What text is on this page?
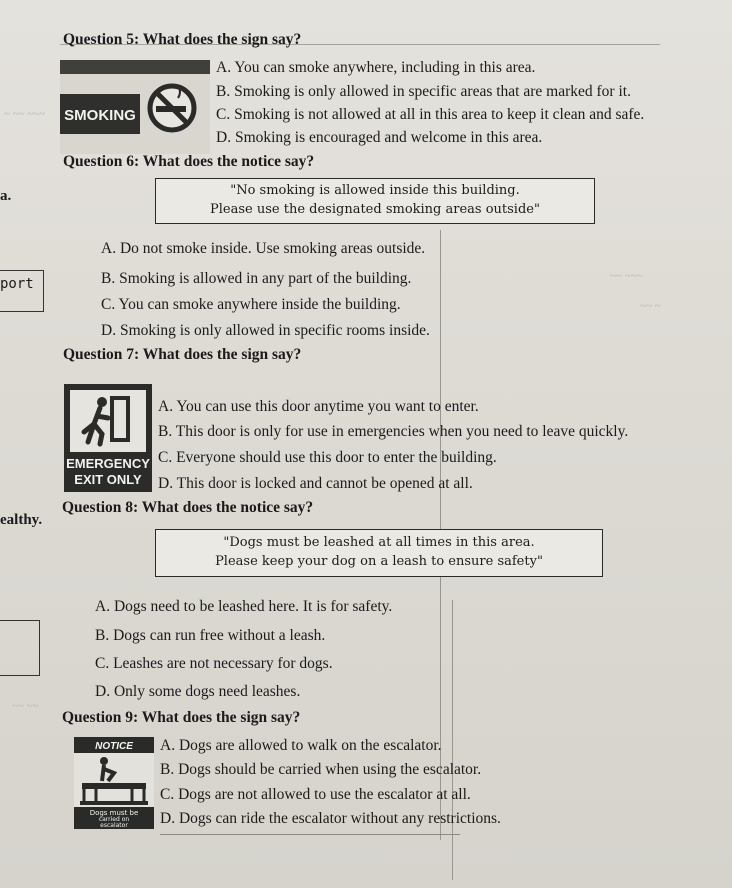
~ ~~ ~~~
~~ ~~~
~~ ~
~~ ~~
a.
port
ealthy.
Question 5: What does the sign say?
SMOKING
A. You can smoke anywhere, including in this area.
B. Smoking is only allowed in specific areas that are marked for it.
C. Smoking is not allowed at all in this area to keep it clean and safe.
D. Smoking is encouraged and welcome in this area.
Question 6: What does the notice say?
"No smoking is allowed inside this building.
Please use the designated smoking areas outside"
A. Do not smoke inside. Use smoking areas outside.
B. Smoking is allowed in any part of the building.
C. You can smoke anywhere inside the building.
D. Smoking is only allowed in specific rooms inside.
Question 7: What does the sign say?
EMERGENCY
EXIT ONLY
A. You can use this door anytime you want to enter.
B. This door is only for use in emergencies when you need to leave quickly.
C. Everyone should use this door to enter the building.
D. This door is locked and cannot be opened at all.
Question 8: What does the notice say?
"Dogs must be leashed at all times in this area.
Please keep your dog on a leash to ensure safety"
A. Dogs need to be leashed here. It is for safety.
B. Dogs can run free without a leash.
C. Leashes are not necessary for dogs.
D. Only some dogs need leashes.
Question 9: What does the sign say?
NOTICE
Dogs must be
carried on
escalator
A. Dogs are allowed to walk on the escalator.
B. Dogs should be carried when using the escalator.
C. Dogs are not allowed to use the escalator at all.
D. Dogs can ride the escalator without any restrictions.
